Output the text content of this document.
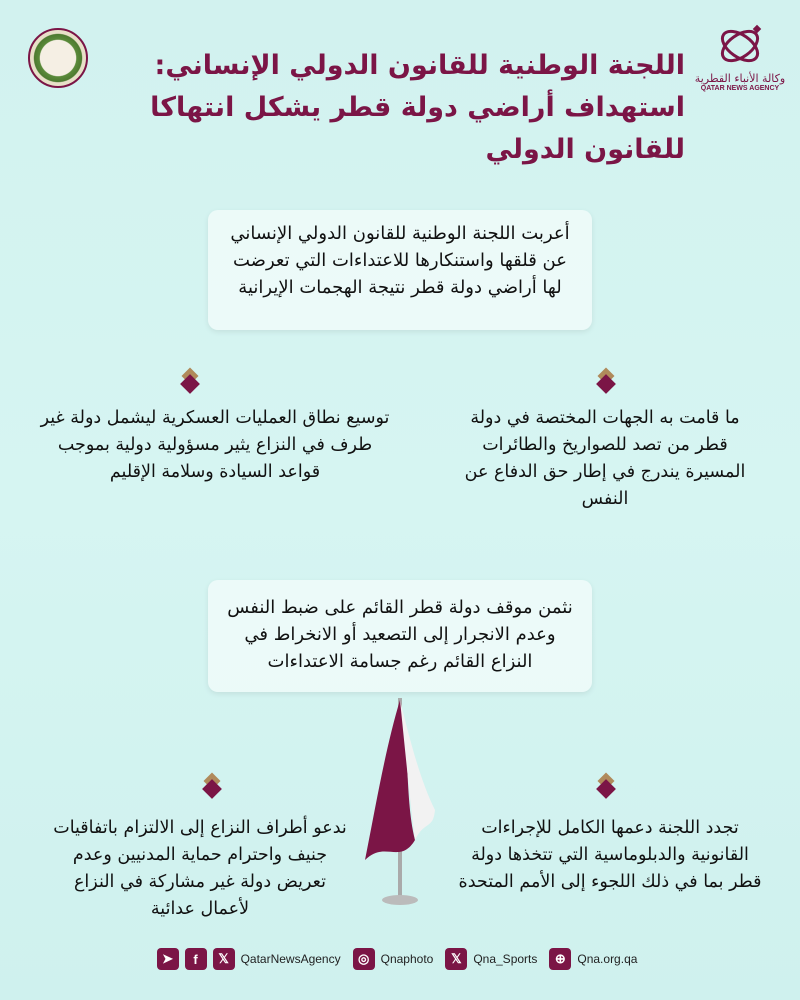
وكالة الأنباء القطرية
QATAR NEWS AGENCY
اللجنة الوطنية للقانون الدولي الإنساني:
استهداف أراضي دولة قطر يشكل انتهاكا
للقانون الدولي
أعربت اللجنة الوطنية للقانون الدولي الإنساني عن قلقها واستنكارها للاعتداءات التي تعرضت لها أراضي دولة قطر نتيجة الهجمات الإيرانية
توسيع نطاق العمليات العسكرية ليشمل دولة غير طرف في النزاع يثير مسؤولية دولية بموجب قواعد السيادة وسلامة الإقليم
ما قامت به الجهات المختصة في دولة قطر من تصد للصواريخ والطائرات المسيرة يندرج في إطار حق الدفاع عن النفس
نثمن موقف دولة قطر القائم على ضبط النفس وعدم الانجرار إلى التصعيد أو الانخراط في النزاع القائم رغم جسامة الاعتداءات
ندعو أطراف النزاع إلى الالتزام باتفاقيات جنيف واحترام حماية المدنيين وعدم تعريض دولة غير مشاركة في النزاع لأعمال عدائية
تجدد اللجنة دعمها الكامل للإجراءات القانونية والدبلوماسية التي تتخذها دولة قطر بما في ذلك اللجوء إلى الأمم المتحدة
➤	f	𝕏 QatarNewsAgency	◎ Qnaphoto	𝕏 Qna_Sports	⊕ Qna.org.qa
